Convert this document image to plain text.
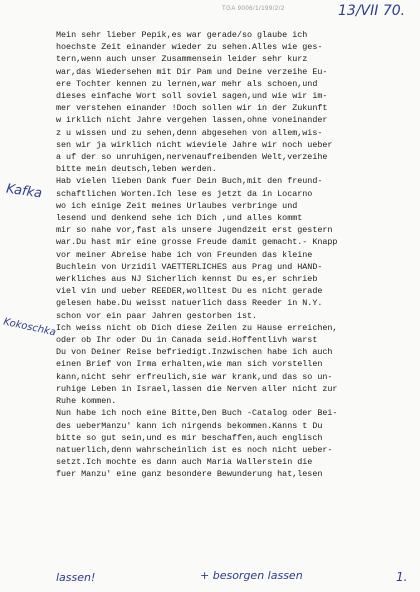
TGA 9006/1/199/2/2	13/VII 70.
Mein sehr lieber Pepik,es war gerade/so glaube ich
hoechste Zeit einander wieder zu sehen.Alles wie ges-
tern,wenn auch unser Zusammensein leider sehr kurz
war,das Wiedersehen mit Dir Pam und Deine verzeihe Eu-
ere Tochter kennen zu lernen,war mehr als schoen,und
dieses einfache Wort soll soviel sagen,und wie wir im-
mer verstehen einander !Doch sollen wir in der Zukunft
w irklich nicht Jahre vergehen lassen,ohne voneinander
z u wissen und zu sehen,denn abgesehen von allem,wis-
sen wir ja wirklich nicht wieviele Jahre wir noch ueber
a uf der so unruhigen,nervenaufreibenden Welt,verzeihe
bitte mein deutsch,leben werden.
Hab vielen lieben Dank fuer Dein Buch,mit den freund-
schaftlichen Worten.Ich lese es jetzt da in Locarno
wo ich einige Zeit meines Urlaubes verbringe und
lesend und denkend sehe ich Dich ,und alles kommt
mir so nahe vor,fast als unsere Jugendzeit erst gestern
war.Du hast mir eine grosse Freude damit gemacht.- Knapp
vor meiner Abreise habe ich von Freunden das kleine
Buchlein von Urzidil VAETTERLICHES aus Prag und HAND-
werkliches aus NJ Sicherlich kennst Du es,er schrieb
viel vin und ueber REEDER,wolltest Du es nicht gerade
gelesen habe.Du weisst natuerlich dass Reeder in N.Y.
schon vor ein paar Jahren gestorben ist.
Ich weiss nicht ob Dich diese Zeilen zu Hause erreichen,
oder ob Ihr oder Du in Canada seid.Hoffentlivh warst
Du von Deiner Reise befriedigt.Inzwischen habe ich auch
einen Brief von Irma erhalten,wie man sich vorstellen
kann,nicht sehr erfreulich,sie war krank,und das so un-
ruhige Leben in Israel,lassen die Nerven aller nicht zur
Ruhe kommen.
Nun habe ich noch eine Bitte,Den Buch -Catalog oder Bei-
des ueberManzu' kann ich nirgends bekommen.Kanns t Du
bitte so gut sein,und es mir beschaffen,auch englisch
natuerlich,denn wahrscheinlich ist es noch nicht ueber-
setzt.Ich mochte es dann auch Maria Wallerstein die
fuer Manzu' eine ganz besondere Bewunderung hat,lesen
Kafka
Kokoschka
lassen!	+ besorgen lassen	1.
